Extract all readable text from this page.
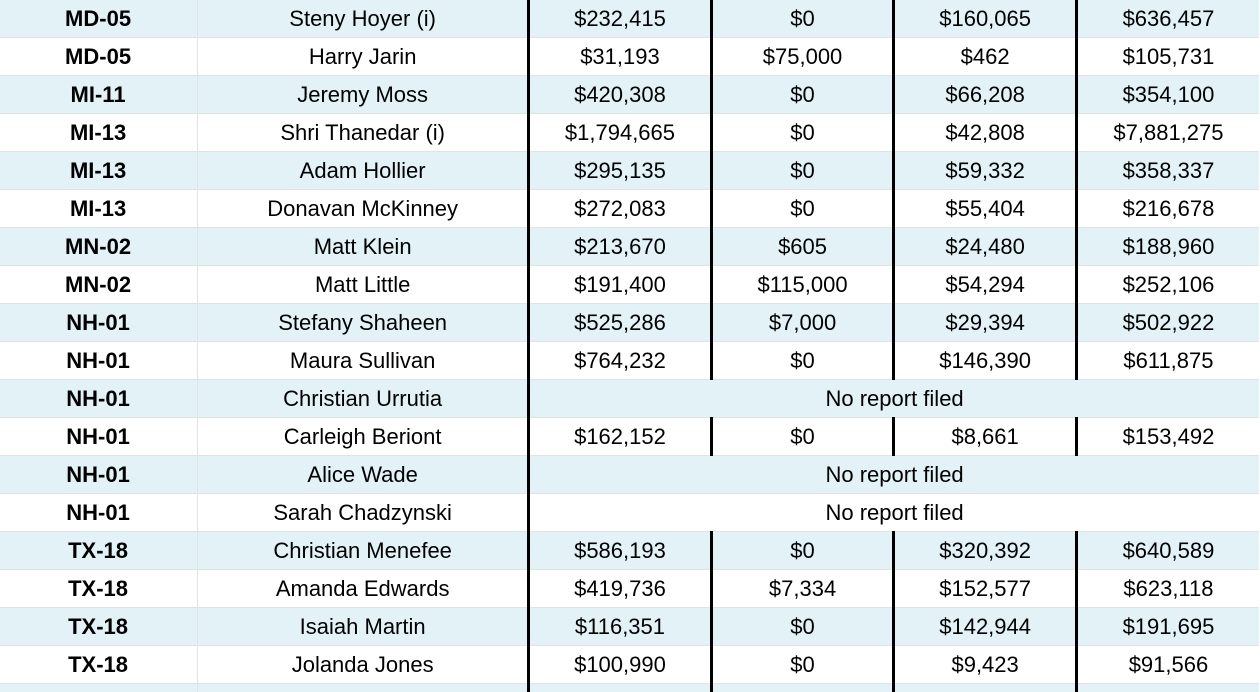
MD-05	Steny Hoyer (i)	$232,415	$0	$160,065	$636,457
MD-05	Harry Jarin	$31,193	$75,000	$462	$105,731
MI-11	Jeremy Moss	$420,308	$0	$66,208	$354,100
MI-13	Shri Thanedar (i)	$1,794,665	$0	$42,808	$7,881,275
MI-13	Adam Hollier	$295,135	$0	$59,332	$358,337
MI-13	Donavan McKinney	$272,083	$0	$55,404	$216,678
MN-02	Matt Klein	$213,670	$605	$24,480	$188,960
MN-02	Matt Little	$191,400	$115,000	$54,294	$252,106
NH-01	Stefany Shaheen	$525,286	$7,000	$29,394	$502,922
NH-01	Maura Sullivan	$764,232	$0	$146,390	$611,875
NH-01	Christian Urrutia	No report filed			
NH-01	Carleigh Beriont	$162,152	$0	$8,661	$153,492
NH-01	Alice Wade	No report filed			
NH-01	Sarah Chadzynski	No report filed			
TX-18	Christian Menefee	$586,193	$0	$320,392	$640,589
TX-18	Amanda Edwards	$419,736	$7,334	$152,577	$623,118
TX-18	Isaiah Martin	$116,351	$0	$142,944	$191,695
TX-18	Jolanda Jones	$100,990	$0	$9,423	$91,566
